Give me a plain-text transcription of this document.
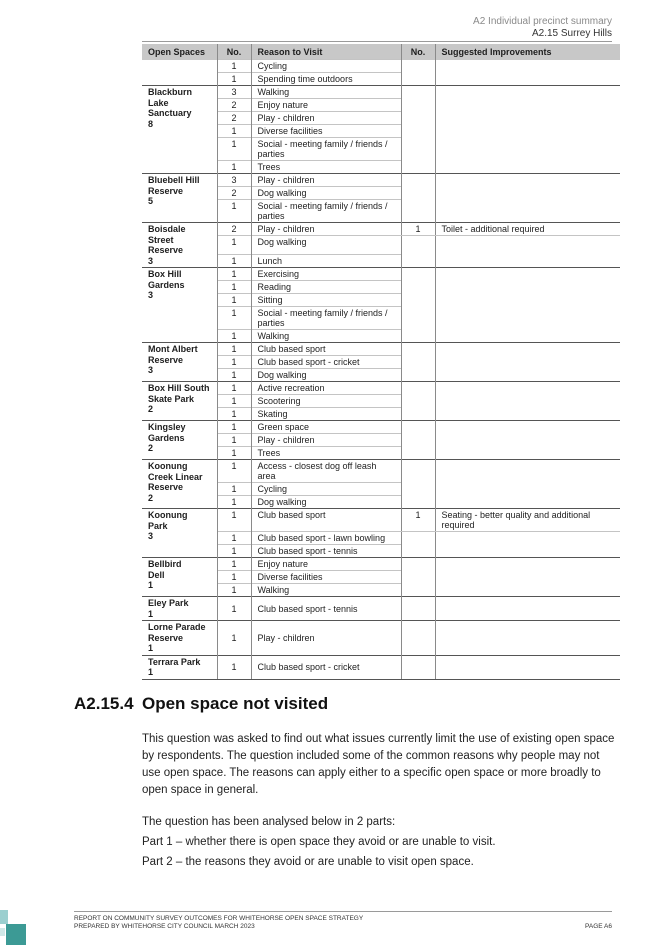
A2 Individual precinct summary
A2.15 Surrey Hills
Open Spaces	No.	Reason to Visit	No.	Suggested Improvements
	1	Cycling		
	1	Spending time outdoors		
Blackburn
Lake
Sanctuary
8	3	Walking		
	2	Enjoy nature		
	2	Play - children		
	1	Diverse facilities		
	1	Social - meeting family / friends / parties		
	1	Trees		
Bluebell Hill
Reserve
5	3	Play - children		
	2	Dog walking		
	1	Social - meeting family / friends / parties		
Boisdale
Street
Reserve
3	2	Play - children	1	Toilet - additional required
	1	Dog walking		
	1	Lunch		
Box Hill
Gardens
3	1	Exercising		
	1	Reading		
	1	Sitting		
	1	Social - meeting family / friends / parties		
	1	Walking		
Mont Albert
Reserve
3	1	Club based sport		
	1	Club based sport - cricket		
	1	Dog walking		
Box Hill South
Skate Park
2	1	Active recreation		
	1	Scootering		
	1	Skating		
Kingsley
Gardens
2	1	Green space		
	1	Play - children		
	1	Trees		
Koonung
Creek Linear
Reserve
2	1	Access - closest dog off leash area		
	1	Cycling		
	1	Dog walking		
Koonung
Park
3	1	Club based sport	1	Seating - better quality and additional required
	1	Club based sport - lawn bowling		
	1	Club based sport - tennis		
Bellbird
Dell
1	1	Enjoy nature		
	1	Diverse facilities		
	1	Walking		
Eley Park
1	1	Club based sport - tennis		
Lorne Parade
Reserve
1	1	Play - children		
Terrara Park
1	1	Club based sport - cricket		
A2.15.4 Open space not visited

This question was asked to find out what issues currently limit the use of existing open space by respondents. The question included some of the common reasons why people may not use open space. The reasons can apply either to a specific open space or more broadly to open space in general.

The question has been analysed below in 2 parts:
Part 1 – whether there is open space they avoid or are unable to visit.
Part 2 – the reasons they avoid or are unable to visit open space.
REPORT ON COMMUNITY SURVEY OUTCOMES FOR WHITEHORSE OPEN SPACE STRATEGY
PREPARED BY WHITEHORSE CITY COUNCIL MARCH 2023	PAGE A6
